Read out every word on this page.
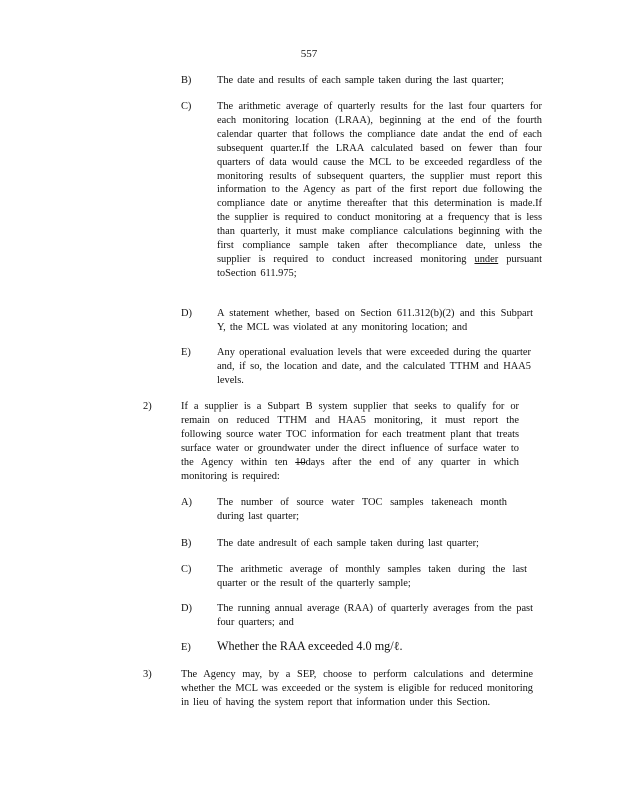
557
B) The date and results of each sample taken during the last quarter;
C) The arithmetic average of quarterly results for the last four quarters for each monitoring location (LRAA), beginning at the end of the fourth calendar quarter that follows the compliance date andat the end of each subsequent quarter.If the LRAA calculated based on fewer than four quarters of data would cause the MCL to be exceeded regardless of the monitoring results of subsequent quarters, the supplier must report this information to the Agency as part of the first report due following the compliance date or anytime thereafter that this determination is made.If the supplier is required to conduct monitoring at a frequency that is less than quarterly, it must make compliance calculations beginning with the first compliance sample taken after thecompliance date, unless the supplier is required to conduct increased monitoring under pursuant toSection 611.975;
D) A statement whether, based on Section 611.312(b)(2) and this Subpart Y, the MCL was violated at any monitoring location; and
E)	Any operational evaluation levels that were exceeded during the quarter and, if so, the location and date, and the calculated TTHM and HAA5 levels.
2)	If a supplier is a Subpart B system supplier that seeks to qualify for or remain on reduced TTHM and HAA5 monitoring, it must report the following source water TOC information for each treatment plant that treats surface water or groundwater under the direct influence of surface water to the Agency within ten 10days after the end of any quarter in which monitoring is required:
A) The number of source water TOC samples takeneach month during last quarter;
B) The date andresult of each sample taken during last quarter;
C) The arithmetic average of monthly samples taken during the last quarter or the result of the quarterly sample;
D) The running annual average (RAA) of quarterly averages from the past four quarters; and
E) Whether the RAA exceeded 4.0 mg/ℓ.
3)	The Agency may, by a SEP, choose to perform calculations and determine whether the MCL was exceeded or the system is eligible for reduced monitoring in lieu of having the system report that information under this Section.
